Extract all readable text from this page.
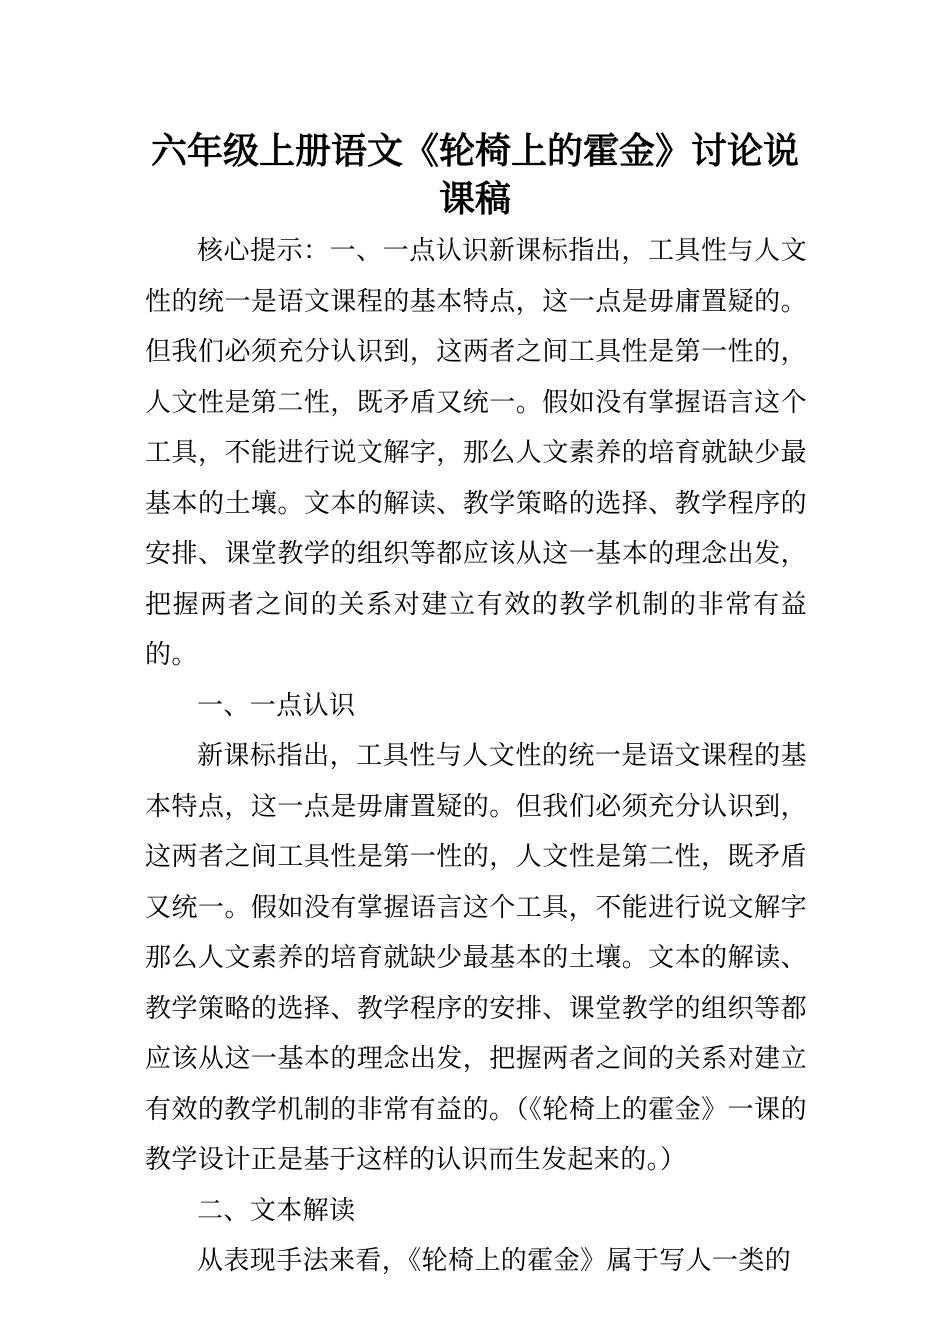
六年级上册语文《轮椅上的霍金》讨论说
课稿

核心提示：一、一点认识新课标指出，工具性与人文性的统一是语文课程的基本特点，这一点是毋庸置疑的。但我们必须充分认识到，这两者之间工具性是第一性的，人文性是第二性，既矛盾又统一。假如没有掌握语言这个工具，不能进行说文解字，那么人文素养的培育就缺少最基本的土壤。文本的解读、教学策略的选择、教学程序的安排、课堂教学的组织等都应该从这一基本的理念出发，把握两者之间的关系对建立有效的教学机制的非常有益的。

一、一点认识

新课标指出，工具性与人文性的统一是语文课程的基本特点，这一点是毋庸置疑的。但我们必须充分认识到，这两者之间工具性是第一性的，人文性是第二性，既矛盾又统一。假如没有掌握语言这个工具，不能进行说文解字那么人文素养的培育就缺少最基本的土壤。文本的解读、教学策略的选择、教学程序的安排、课堂教学的组织等都应该从这一基本的理念出发，把握两者之间的关系对建立有效的教学机制的非常有益的。（《轮椅上的霍金》一课的教学设计正是基于这样的认识而生发起来的。）

二、文本解读

从表现手法来看，《轮椅上的霍金》属于写人一类的
